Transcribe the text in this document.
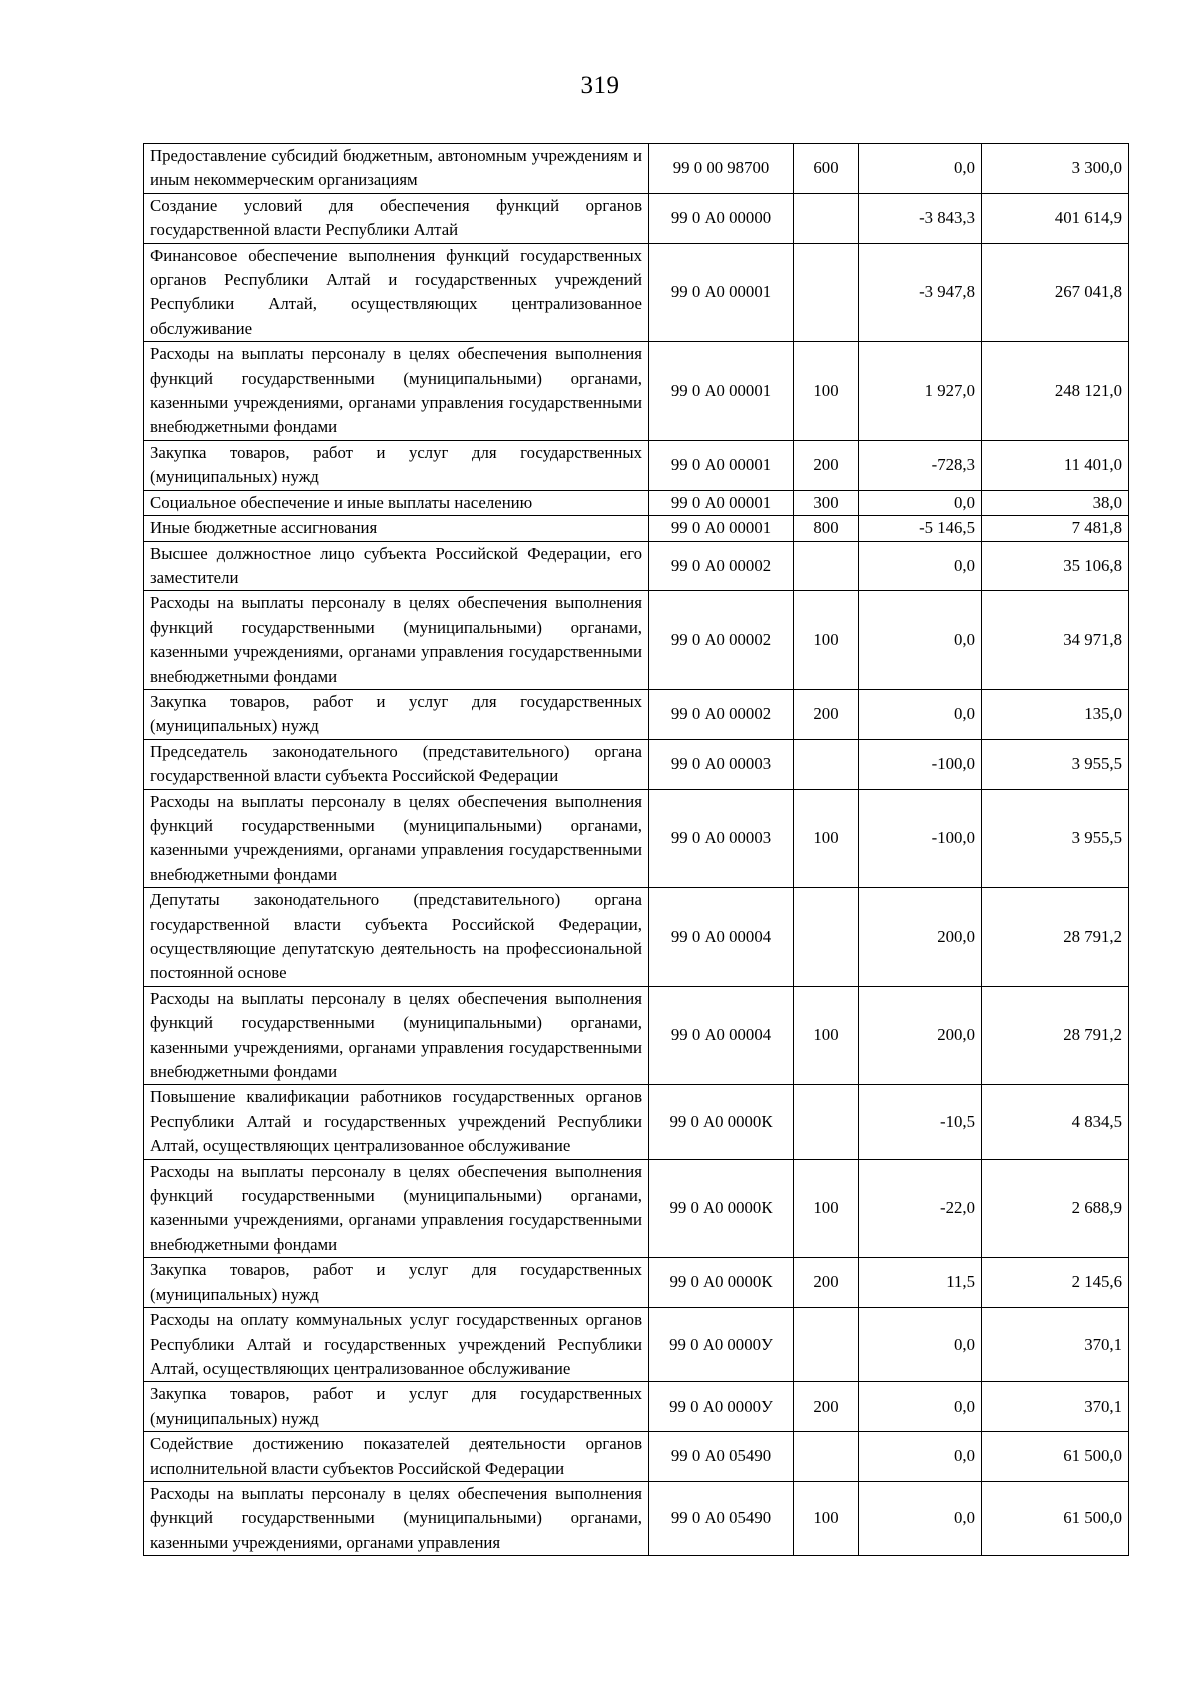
319
Предоставление субсидий бюджетным, автономным учреждениям и иным некоммерческим организациям	99 0 00 98700	600	0,0	3 300,0
Создание условий для обеспечения функций органов государственной власти Республики Алтай	99 0 А0 00000		-3 843,3	401 614,9
Финансовое обеспечение выполнения функций государственных органов Республики Алтай и государственных учреждений Республики Алтай, осуществляющих централизованное обслуживание	99 0 А0 00001		-3 947,8	267 041,8
Расходы на выплаты персоналу в целях обеспечения выполнения функций государственными (муниципальными) органами, казенными учреждениями, органами управления государственными внебюджетными фондами	99 0 А0 00001	100	1 927,0	248 121,0
Закупка товаров, работ и услуг для государственных (муниципальных) нужд	99 0 А0 00001	200	-728,3	11 401,0
Социальное обеспечение и иные выплаты населению	99 0 А0 00001	300	0,0	38,0
Иные бюджетные ассигнования	99 0 А0 00001	800	-5 146,5	7 481,8
Высшее должностное лицо субъекта Российской Федерации, его заместители	99 0 А0 00002		0,0	35 106,8
Расходы на выплаты персоналу в целях обеспечения выполнения функций государственными (муниципальными) органами, казенными учреждениями, органами управления государственными внебюджетными фондами	99 0 А0 00002	100	0,0	34 971,8
Закупка товаров, работ и услуг для государственных (муниципальных) нужд	99 0 А0 00002	200	0,0	135,0
Председатель законодательного (представительного) органа государственной власти субъекта Российской Федерации	99 0 А0 00003		-100,0	3 955,5
Расходы на выплаты персоналу в целях обеспечения выполнения функций государственными (муниципальными) органами, казенными учреждениями, органами управления государственными внебюджетными фондами	99 0 А0 00003	100	-100,0	3 955,5
Депутаты законодательного (представительного) органа государственной власти субъекта Российской Федерации, осуществляющие депутатскую деятельность на профессиональной постоянной основе	99 0 А0 00004		200,0	28 791,2
Расходы на выплаты персоналу в целях обеспечения выполнения функций государственными (муниципальными) органами, казенными учреждениями, органами управления государственными внебюджетными фондами	99 0 А0 00004	100	200,0	28 791,2
Повышение квалификации работников государственных органов Республики Алтай и государственных учреждений Республики Алтай, осуществляющих централизованное обслуживание	99 0 А0 0000К		-10,5	4 834,5
Расходы на выплаты персоналу в целях обеспечения выполнения функций государственными (муниципальными) органами, казенными учреждениями, органами управления государственными внебюджетными фондами	99 0 А0 0000К	100	-22,0	2 688,9
Закупка товаров, работ и услуг для государственных (муниципальных) нужд	99 0 А0 0000К	200	11,5	2 145,6
Расходы на оплату коммунальных услуг государственных органов Республики Алтай и государственных учреждений Республики Алтай, осуществляющих централизованное обслуживание	99 0 А0 0000У		0,0	370,1
Закупка товаров, работ и услуг для государственных (муниципальных) нужд	99 0 А0 0000У	200	0,0	370,1
Содействие достижению показателей деятельности органов исполнительной власти субъектов Российской Федерации	99 0 А0 05490		0,0	61 500,0
Расходы на выплаты персоналу в целях обеспечения выполнения функций государственными (муниципальными) органами, казенными учреждениями, органами управления	99 0 А0 05490	100	0,0	61 500,0
